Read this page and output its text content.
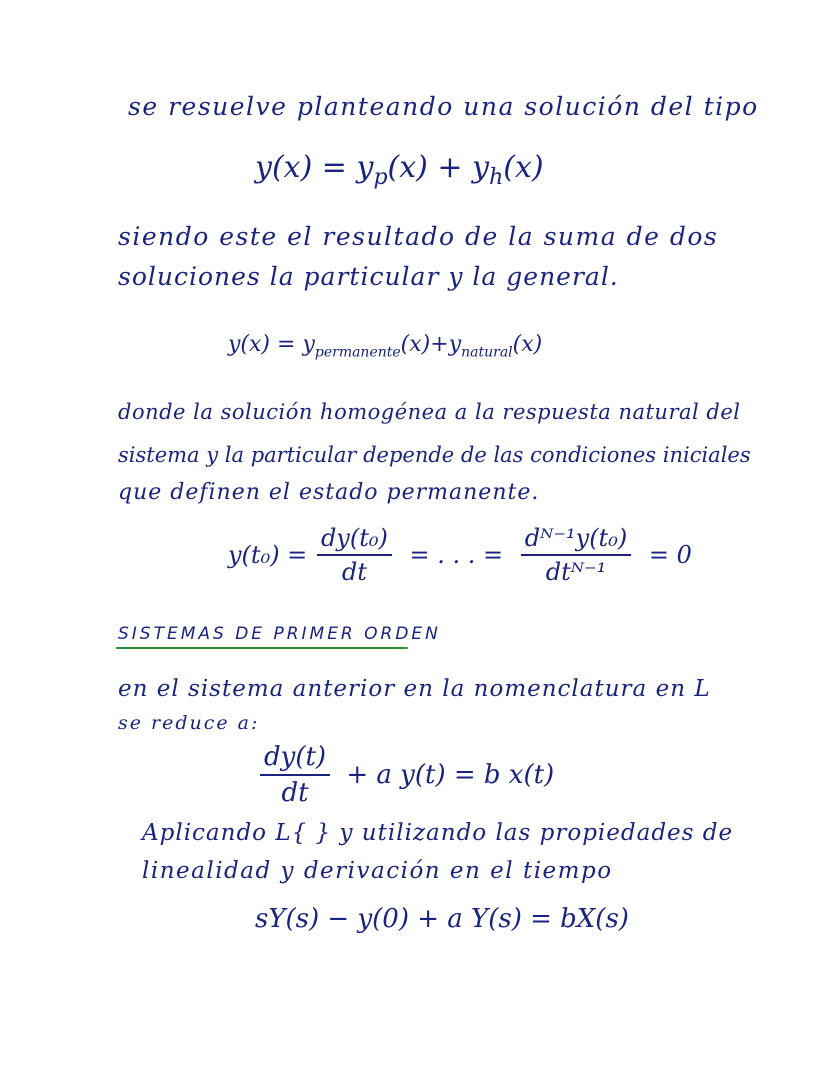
se resuelve planteando una solución del tipo
$y(x) = y_p(x) + y_h(x)$
siendo este el resultado de la suma de dos
soluciones la particular y la general.
$y(x) = y_{permanente}(x)+y_{natural}(x)$
donde la solución homogénea a la respuesta natural del
sistema y la particular depende de las condiciones iniciales
que definen el estado permanente.
$y(t_0) = \frac{\text{dy(t₀)}}{dt}$ = . . . = $\frac{\text{dᴺ⁻¹y(t₀)}}{\text{dtᴺ⁻¹}} = 0$
SISTEMAS DE PRIMER ORDEN
en el sistema anterior en la nomenclatura en L
se reduce a:
$\frac{dy(t)}{dt} + a$ y(t) = b x(t)
Aplicando L{ } y utilizando las propiedades de
linealidad y derivación en el tiempo
sY(s) − y(0) + a Y(s) = bX(s)
